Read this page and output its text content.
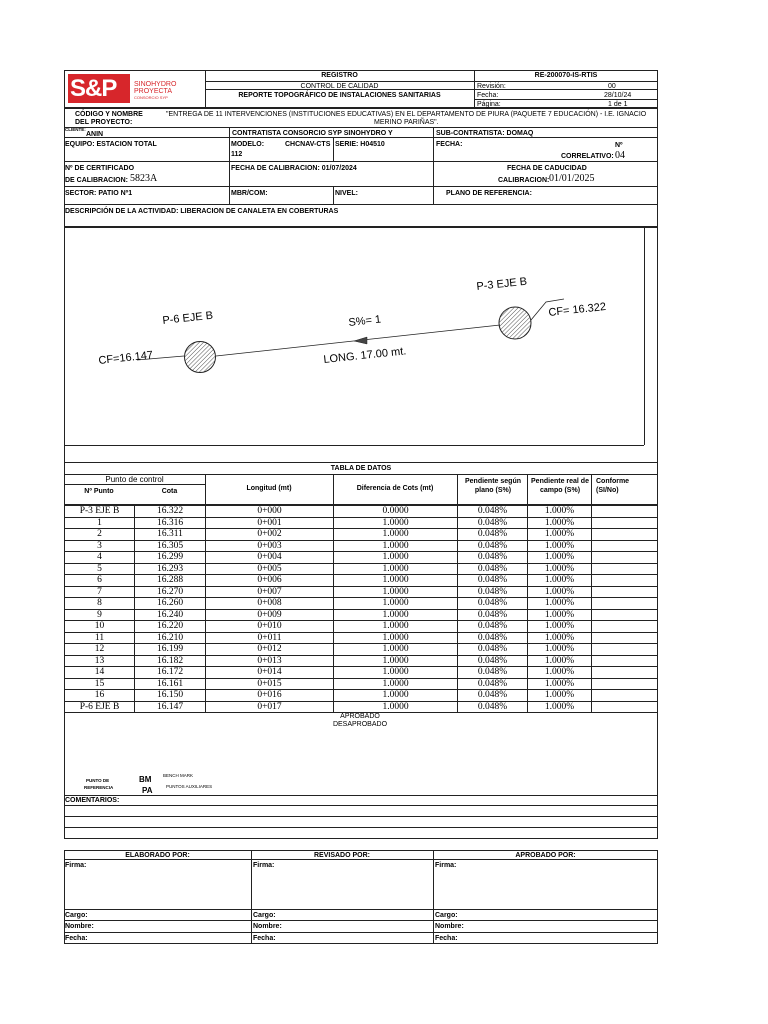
S&P	SINOHYDRO
PROYECTA
CONSORCIO SYP
REGISTRO
CONTROL DE CALIDAD
REPORTE TOPOGRÁFICO DE INSTALACIONES SANITARIAS
RE-200070-IS-RTIS
Revisión:	00
Fecha:	28/10/24
Página:	1 de 1
CÓDIGO Y NOMBRE
DEL PROYECTO:
"ENTREGA DE 11 INTERVENCIONES (INSTITUCIONES EDUCATIVAS) EN EL DEPARTAMENTO DE PIURA (PAQUETE 7 EDUCACIÓN) - I.E. IGNACIO
MERINO PARIÑAS".
CLIENTE:
ANIN	CONTRATISTA CONSORCIO SYP SINOHYDRO Y	SUB-CONTRATISTA: DOMAQ
EQUIPO: ESTACION TOTAL	MODELO:	CHCNAV-CTS
112
SERIE: H04510	FECHA:	Nº
CORRELATIVO: 04
Nº DE CERTIFICADO
DE CALIBRACION: 5823A
FECHA DE CALIBRACION: 01/07/2024	FECHA DE CADUCIDAD
CALIBRACION: 01/01/2025
SECTOR: PATIO Nº1	MBR/COM:	NIVEL:	PLANO DE REFERENCIA:
DESCRIPCIÓN DE LA ACTIVIDAD: LIBERACION DE CANALETA EN COBERTURAS
P-6 EJE B
CF=16.147
P-3 EJE B
CF= 16.322
S%= 1
LONG. 17.00 mt.
TABLA DE DATOS
Punto de control
Nº Punto	Cota	Longitud (mt)	Diferencia de Cots (mt)
Pendiente según plano (S%)
Pendiente real de campo (S%)
Conforme (SI/No)
P-3 EJE B	16.322	0+000	0.0000	0.048%	1.000%	
1	16.316	0+001	1.0000	0.048%	1.000%	
2	16.311	0+002	1.0000	0.048%	1.000%	
3	16.305	0+003	1.0000	0.048%	1.000%	
4	16.299	0+004	1.0000	0.048%	1.000%	
5	16.293	0+005	1.0000	0.048%	1.000%	
6	16.288	0+006	1.0000	0.048%	1.000%	
7	16.270	0+007	1.0000	0.048%	1.000%	
8	16.260	0+008	1.0000	0.048%	1.000%	
9	16.240	0+009	1.0000	0.048%	1.000%	
10	16.220	0+010	1.0000	0.048%	1.000%	
11	16.210	0+011	1.0000	0.048%	1.000%	
12	16.199	0+012	1.0000	0.048%	1.000%	
13	16.182	0+013	1.0000	0.048%	1.000%	
14	16.172	0+014	1.0000	0.048%	1.000%	
15	16.161	0+015	1.0000	0.048%	1.000%	
16	16.150	0+016	1.0000	0.048%	1.000%	
P-6 EJE B	16.147	0+017	1.0000	0.048%	1.000%	
APROBADO
DESAPROBADO
PUNTO DE
REFERENCIA
BM	BENCH MARK
PA	PUNTOS AUXILIARES
COMENTARIOS:
ELABORADO POR:	REVISADO POR:	APROBADO POR:
Firma:	Firma:	Firma:
Cargo:	Cargo:	Cargo:
Nombre:	Nombre:	Nombre:
Fecha:	Fecha:	Fecha:
